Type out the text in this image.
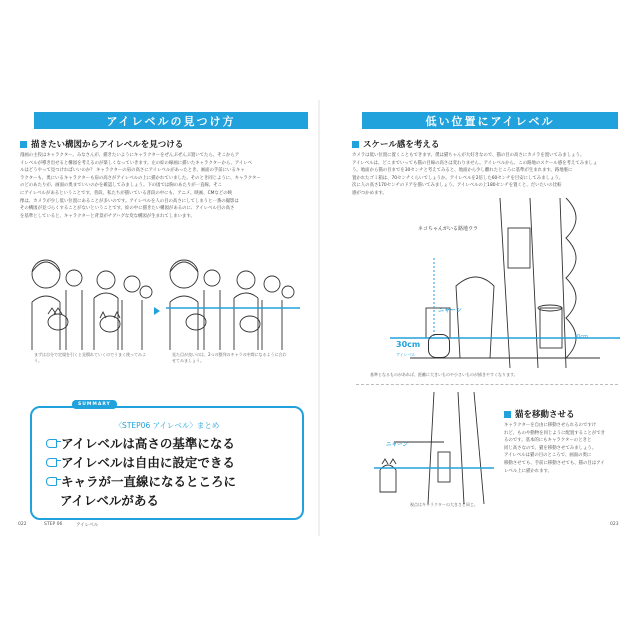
アイレベルの見つけ方
描きたい構図からアイレベルを見つける
漫画の主役はキャラクター。みなさんが、描きたいようにキャラクターをぜんぶぜんぶ置いてたら、そこからア
イレベルが導き出せると構図を考えるのが楽しくなっていきます。左の絵の線画に描いたキャラクターから、アイレベ
ルはどうやって見つければいいのか？ キャラクターの肩の高さにアイレベルがあったとき、画面の手前にいるキャ
ラクターも、奥にいるキャラクターも肩の高さがアイレベルの上に描かれていました。そのとき同じように、キャラクター
のどのあたりが、画面の奥までいいのかを確認してみましょう。下の図では胸のあたりが一直線。そこ
にアイレベルがあるということです。普段、私たちが描いている普段の中にも、アニメ、映画、CMなどの映
像は、カメラが少し低い位置にあることが多いのです。アイレベルを人の目の高さにしてしまうと一番の撮影は
その構図が見づらくすることがないということです。絵の中に描きたい構図があるのに、アイレベル目の高さ
を基準としていると、キャラクターと背景がチグハグな変な構図が生まれてしまいます。
まずは自分で定規を引くと見慣れていくのでうまく使ってみよう。
見た目が良いのは、2つの整列のキャラの中間になるように合わせてみましょう。
SUMMARY
〈STEP06 アイレベル〉まとめ
アイレベルは高さの基準になる
アイレベルは自由に設定できる
キャラが一直線になるところに
アイレベルがある
022	STEP 06	アイレベル
低い位置にアイレベル
スケール感を考える
カメラは低い位置に置くこともできます。僕は猫ちゃんが大好きなので、猫の目の高さにカメラを置いてみましょう。
アイレベルは、どこまでいっても猫の目線の高さは変わりません。アイレベルから、この路地のスケール感を考えてみましょ
う。地面から猫の目までを30センチと考えてみると、地面から少し離れたところに基準が生まれます。路地裏に
置かれたゴミ箱は、70センチくらいでしょうか。アイレベルを2倍した60センチを目安にしてみましょう。
次に人の高さ170センチのドアを描いてみましょう。アイレベルの上180センチを置くと、だいたいの比較
感がつかめます。
ネコちゃんがいる路地ウラ
ニャーン
30cm
アイレベル
30cm
基準となるものがあれば、距離に大きいものや小さいものが描きやすくなります。
ニャーン
視点はキャラクターの大きさと同じ。
猫を移動させる
キャラクターを自由に移動させられるのですけ
れど、ものや動物を同じように配置することができ
るのです。基本的にもキャラクターのときと
同じ高さなので、猫を移動させてみましょう。
アイレベルは猫の目のところで、画面の奥に
移動させても、手前に移動させても、猫の目はアイ
レベル上に描かれます。
023
